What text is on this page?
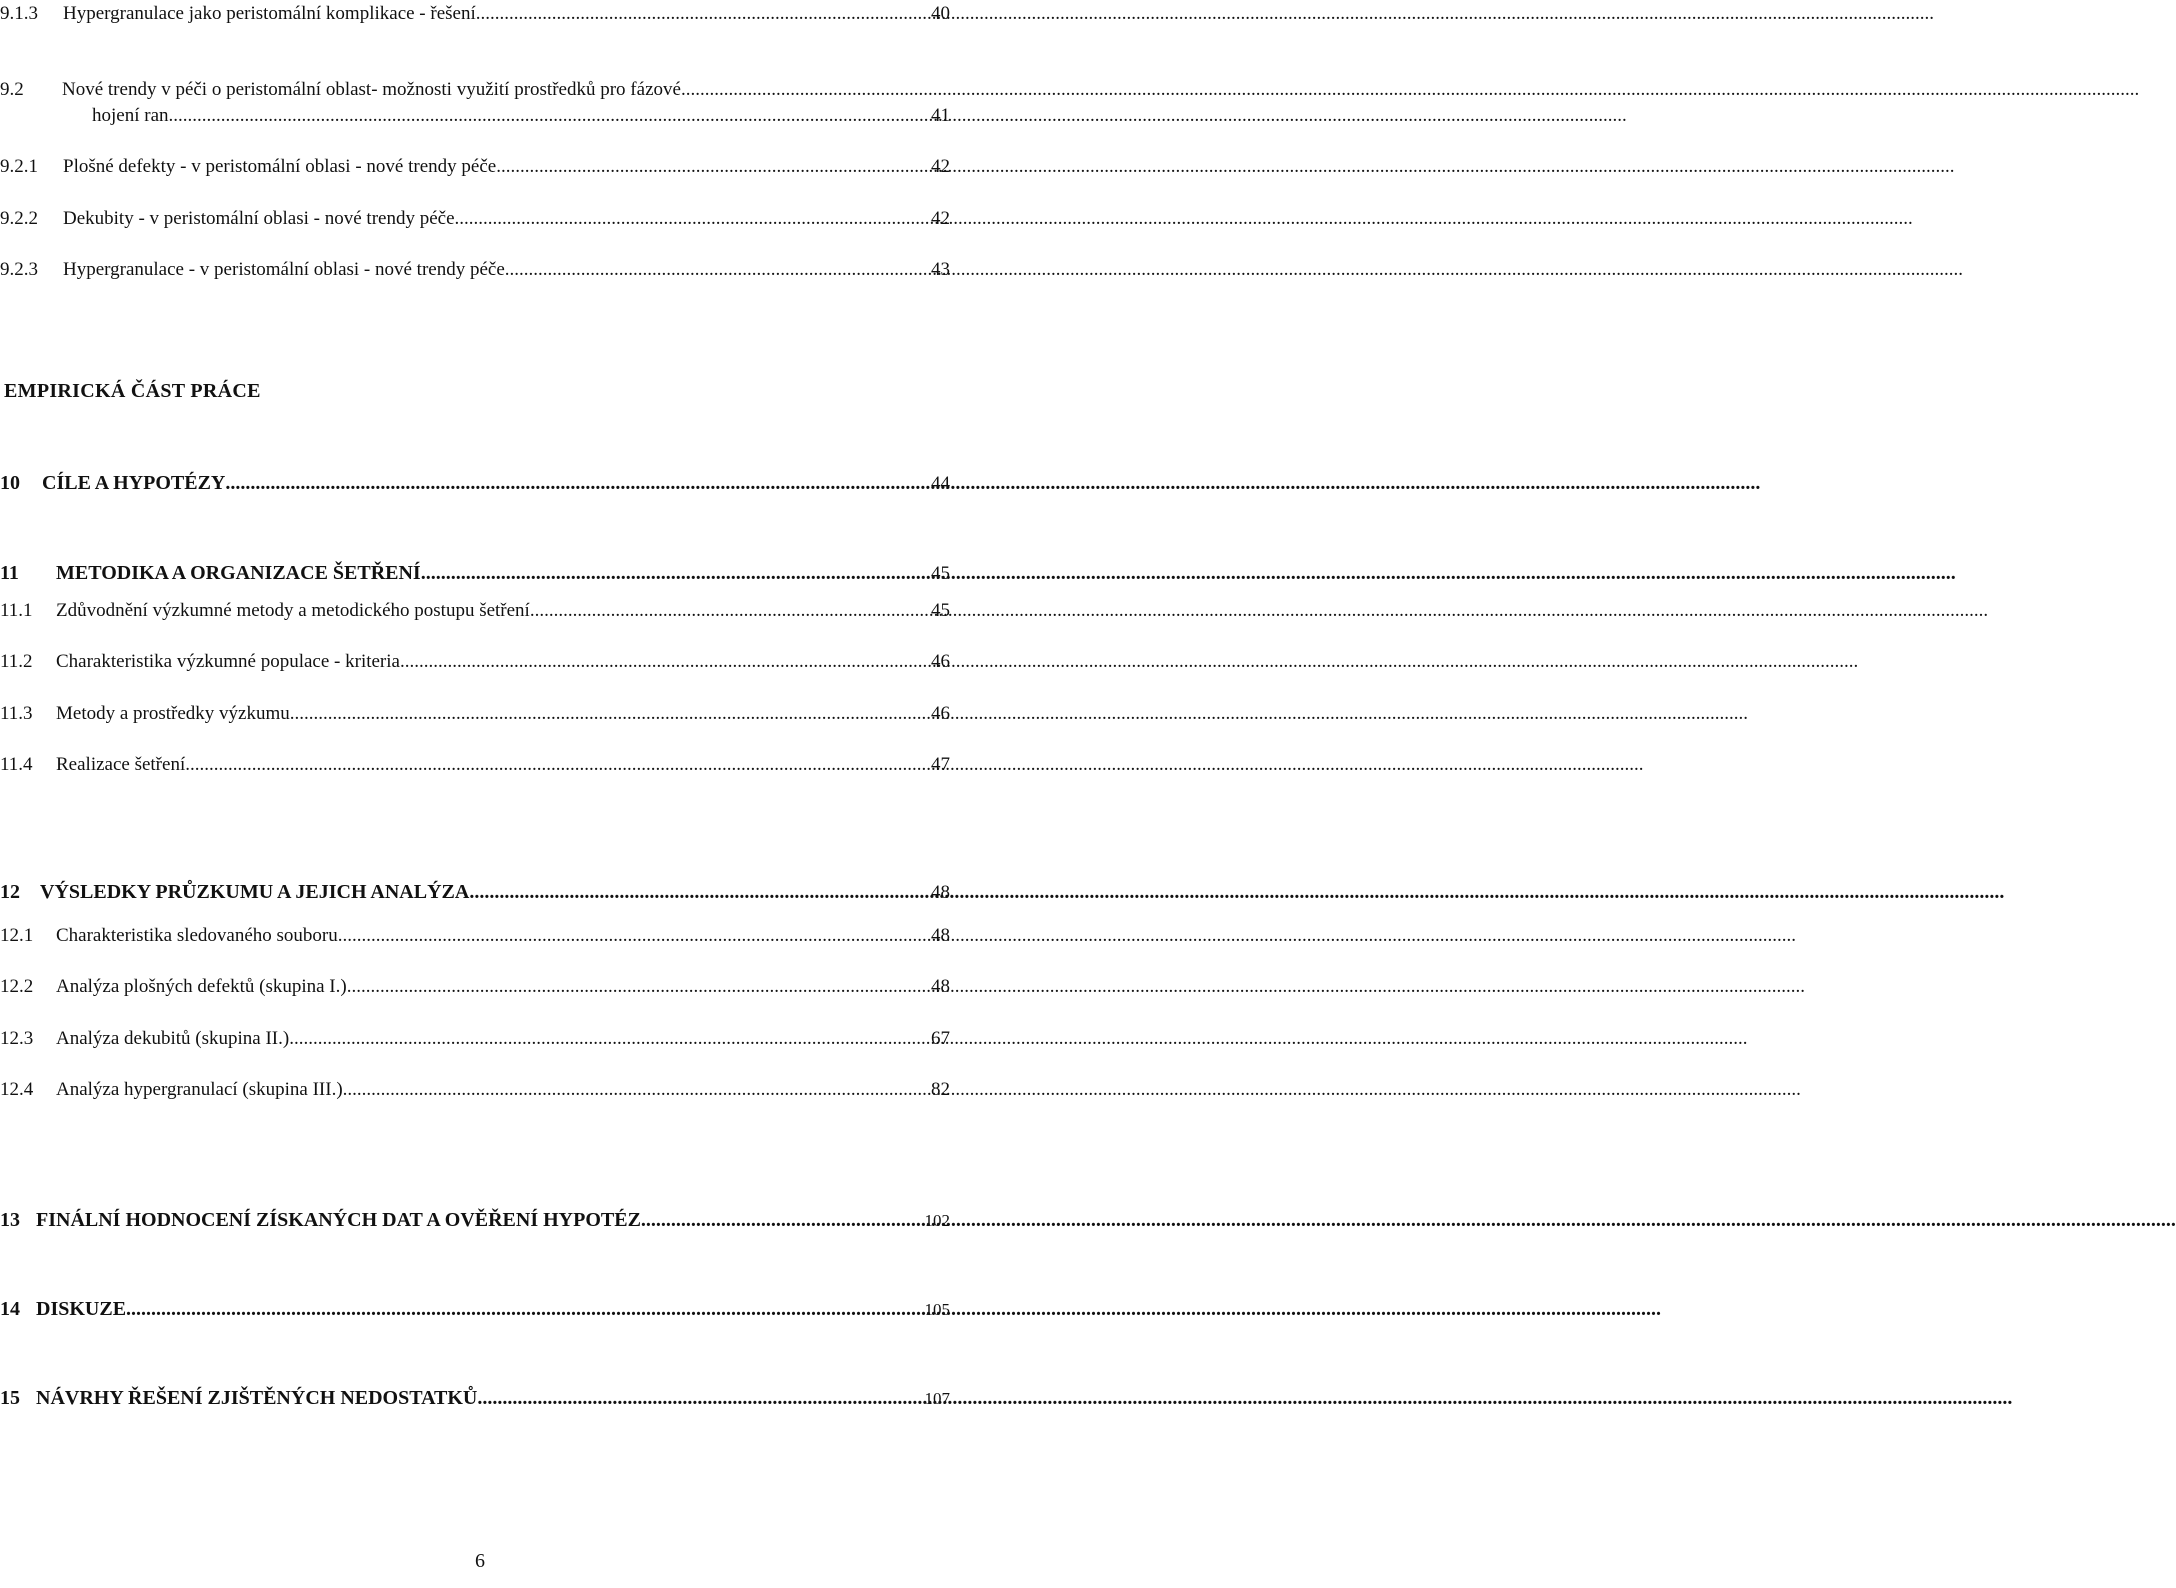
9.1.3	Hypergranulace jako peristomální komplikace - řešení .....	40
9.2	Nové trendy v péči o peristomální oblast- možnosti využití prostředků pro fázové
.....
hojení ran .....	41
9.2.1	Plošné defekty - v peristomální oblasi - nové trendy péče .....	42
9.2.2	Dekubity - v peristomální oblasi - nové trendy péče .....	42
9.2.3	Hypergranulace - v peristomální oblasi - nové trendy péče .....	43
EMPIRICKÁ ČÁST PRÁCE
10	CÍLE A HYPOTÉZY .....	44
11	METODIKA A ORGANIZACE ŠETŘENÍ .....	45
11.1	Zdůvodnění výzkumné metody a metodického postupu šetření .....	45
11.2	Charakteristika výzkumné populace - kriteria .....	46
11.3	Metody a prostředky výzkumu .....	46
11.4	Realizace šetření .....	47
12	VÝSLEDKY PRŮZKUMU A JEJICH ANALÝZA .....	48
12.1	Charakteristika sledovaného souboru .....	48
12.2	Analýza plošných defektů (skupina I.) .....	48
12.3	Analýza dekubitů (skupina II.) .....	67
12.4	Analýza hypergranulací (skupina III.) .....	82
13 FINÁLNÍ HODNOCENÍ ZÍSKANÝCH DAT A OVĚŘENÍ HYPOTÉZ .....	102
14 DISKUZE .....	105
15 NÁVRHY ŘEŠENÍ ZJIŠTĚNÝCH NEDOSTATKŮ .....	107
6
